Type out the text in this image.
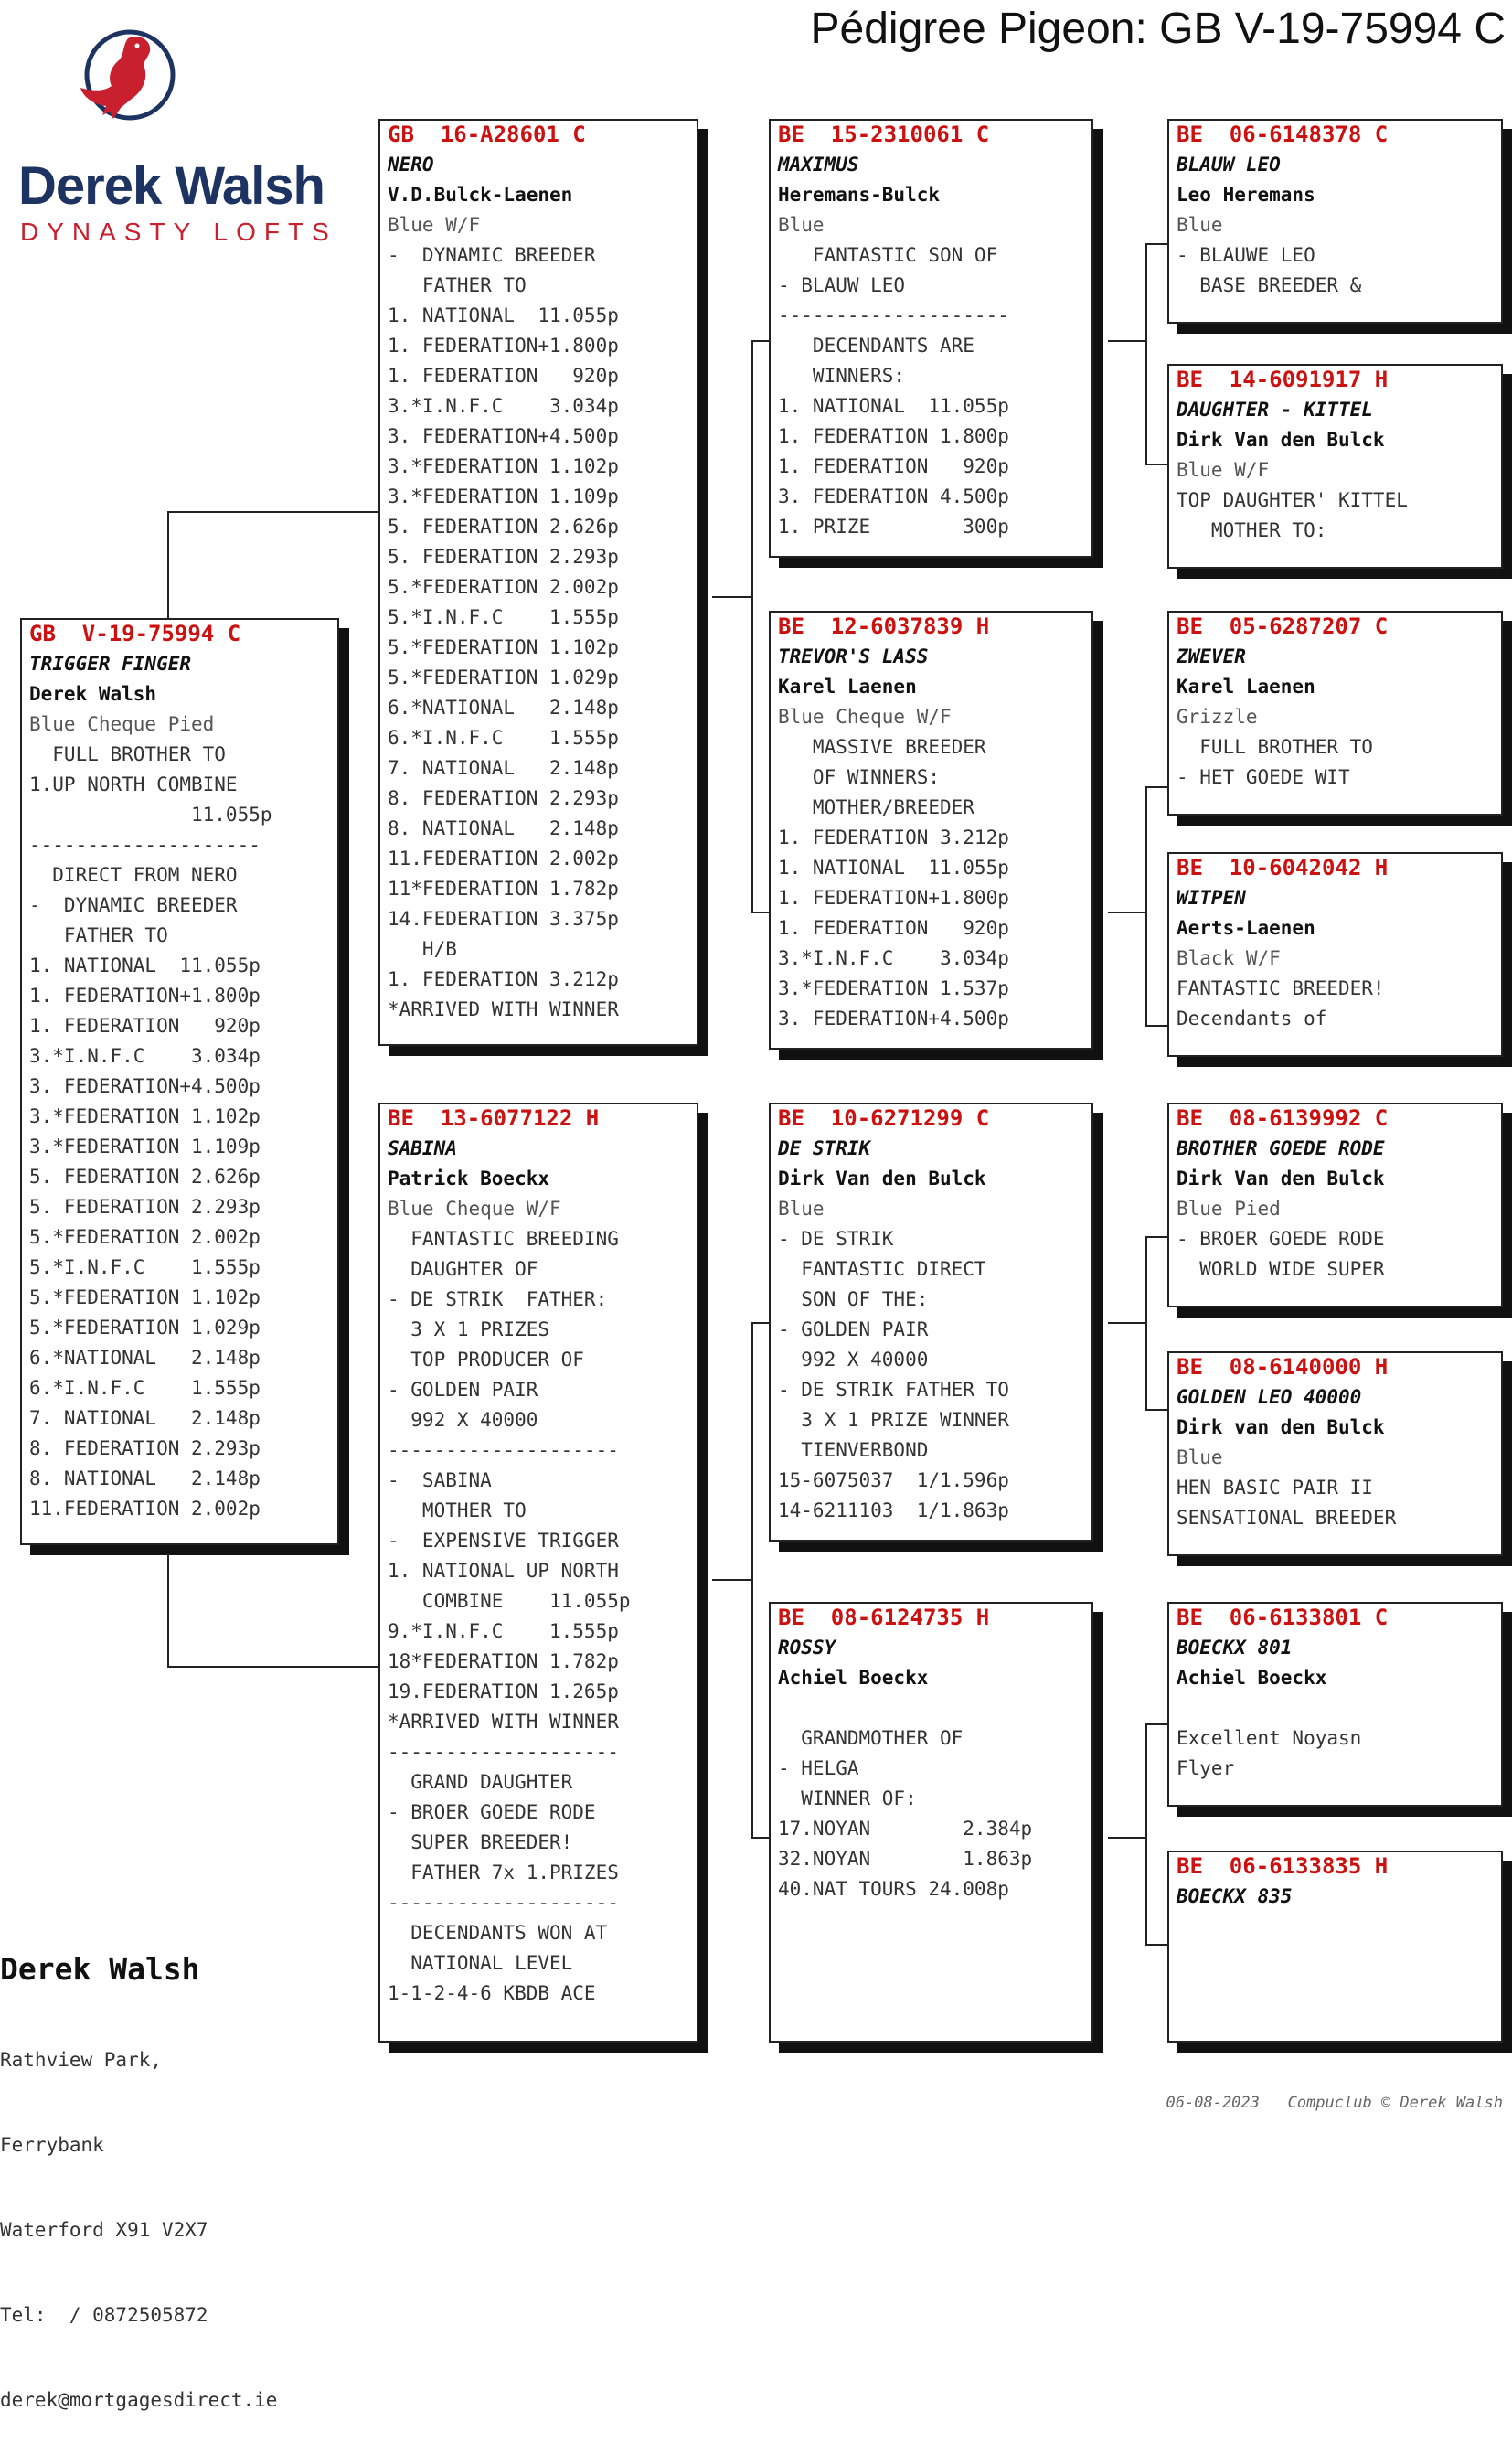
Pédigree Pigeon: GB V-19-75994 C
Derek Walsh
DYNASTY LOFTS
GB  V-19-75994 C
TRIGGER FINGER
Derek Walsh
Blue Cheque Pied
FULL BROTHER TO
1.UP NORTH COMBINE
11.055p
--------------------
DIRECT FROM NERO
-  DYNAMIC BREEDER
FATHER TO
1. NATIONAL  11.055p
1. FEDERATION+1.800p
1. FEDERATION   920p
3.*I.N.F.C    3.034p
3. FEDERATION+4.500p
3.*FEDERATION 1.102p
3.*FEDERATION 1.109p
5. FEDERATION 2.626p
5. FEDERATION 2.293p
5.*FEDERATION 2.002p
5.*I.N.F.C    1.555p
5.*FEDERATION 1.102p
5.*FEDERATION 1.029p
6.*NATIONAL   2.148p
6.*I.N.F.C    1.555p
7. NATIONAL   2.148p
8. FEDERATION 2.293p
8. NATIONAL   2.148p
11.FEDERATION 2.002p
GB  16-A28601 C
NERO
V.D.Bulck-Laenen
Blue W/F
-  DYNAMIC BREEDER
FATHER TO
1. NATIONAL  11.055p
1. FEDERATION+1.800p
1. FEDERATION   920p
3.*I.N.F.C    3.034p
3. FEDERATION+4.500p
3.*FEDERATION 1.102p
3.*FEDERATION 1.109p
5. FEDERATION 2.626p
5. FEDERATION 2.293p
5.*FEDERATION 2.002p
5.*I.N.F.C    1.555p
5.*FEDERATION 1.102p
5.*FEDERATION 1.029p
6.*NATIONAL   2.148p
6.*I.N.F.C    1.555p
7. NATIONAL   2.148p
8. FEDERATION 2.293p
8. NATIONAL   2.148p
11.FEDERATION 2.002p
11*FEDERATION 1.782p
14.FEDERATION 3.375p
H/B
1. FEDERATION 3.212p
*ARRIVED WITH WINNER
BE  13-6077122 H
SABINA
Patrick Boeckx
Blue Cheque W/F
FANTASTIC BREEDING
DAUGHTER OF
- DE STRIK  FATHER:
3 X 1 PRIZES
TOP PRODUCER OF
- GOLDEN PAIR
992 X 40000
--------------------
-  SABINA
MOTHER TO
-  EXPENSIVE TRIGGER
1. NATIONAL UP NORTH
COMBINE    11.055p
9.*I.N.F.C    1.555p
18*FEDERATION 1.782p
19.FEDERATION 1.265p
*ARRIVED WITH WINNER
--------------------
GRAND DAUGHTER
- BROER GOEDE RODE
SUPER BREEDER!
FATHER 7x 1.PRIZES
--------------------
DECENDANTS WON AT
NATIONAL LEVEL
1-1-2-4-6 KBDB ACE
BE  15-2310061 C
MAXIMUS
Heremans-Bulck
Blue
FANTASTIC SON OF
- BLAUW LEO
--------------------
DECENDANTS ARE
WINNERS:
1. NATIONAL  11.055p
1. FEDERATION 1.800p
1. FEDERATION   920p
3. FEDERATION 4.500p
1. PRIZE        300p
BE  12-6037839 H
TREVOR'S LASS
Karel Laenen
Blue Cheque W/F
MASSIVE BREEDER
OF WINNERS:
MOTHER/BREEDER
1. FEDERATION 3.212p
1. NATIONAL  11.055p
1. FEDERATION+1.800p
1. FEDERATION   920p
3.*I.N.F.C    3.034p
3.*FEDERATION 1.537p
3. FEDERATION+4.500p
BE  10-6271299 C
DE STRIK
Dirk Van den Bulck
Blue
- DE STRIK
FANTASTIC DIRECT
SON OF THE:
- GOLDEN PAIR
992 X 40000
- DE STRIK FATHER TO
3 X 1 PRIZE WINNER
TIENVERBOND
15-6075037  1/1.596p
14-6211103  1/1.863p
BE  08-6124735 H
ROSSY
Achiel Boeckx

GRANDMOTHER OF
- HELGA
WINNER OF:
17.NOYAN        2.384p
32.NOYAN        1.863p
40.NAT TOURS 24.008p
BE  06-6148378 C
BLAUW LEO
Leo Heremans
Blue
- BLAUWE LEO
BASE BREEDER &
BE  14-6091917 H
DAUGHTER - KITTEL
Dirk Van den Bulck
Blue W/F
TOP DAUGHTER' KITTEL
MOTHER TO:
BE  05-6287207 C
ZWEVER
Karel Laenen
Grizzle
FULL BROTHER TO
- HET GOEDE WIT
BE  10-6042042 H
WITPEN
Aerts-Laenen
Black W/F
FANTASTIC BREEDER!
Decendants of
BE  08-6139992 C
BROTHER GOEDE RODE
Dirk Van den Bulck
Blue Pied
- BROER GOEDE RODE
WORLD WIDE SUPER
BE  08-6140000 H
GOLDEN LEO 40000
Dirk van den Bulck
Blue
HEN BASIC PAIR II
SENSATIONAL BREEDER
BE  06-6133801 C
BOECKX 801
Achiel Boeckx

Excellent Noyasn
Flyer
BE  06-6133835 H
BOECKX 835

Derek Walsh

Rathview Park,

Ferrybank

Waterford X91 V2X7

Tel:  / 0872505872

derek@mortgagesdirect.ie

06-08-2023   Compuclub © Derek Walsh
